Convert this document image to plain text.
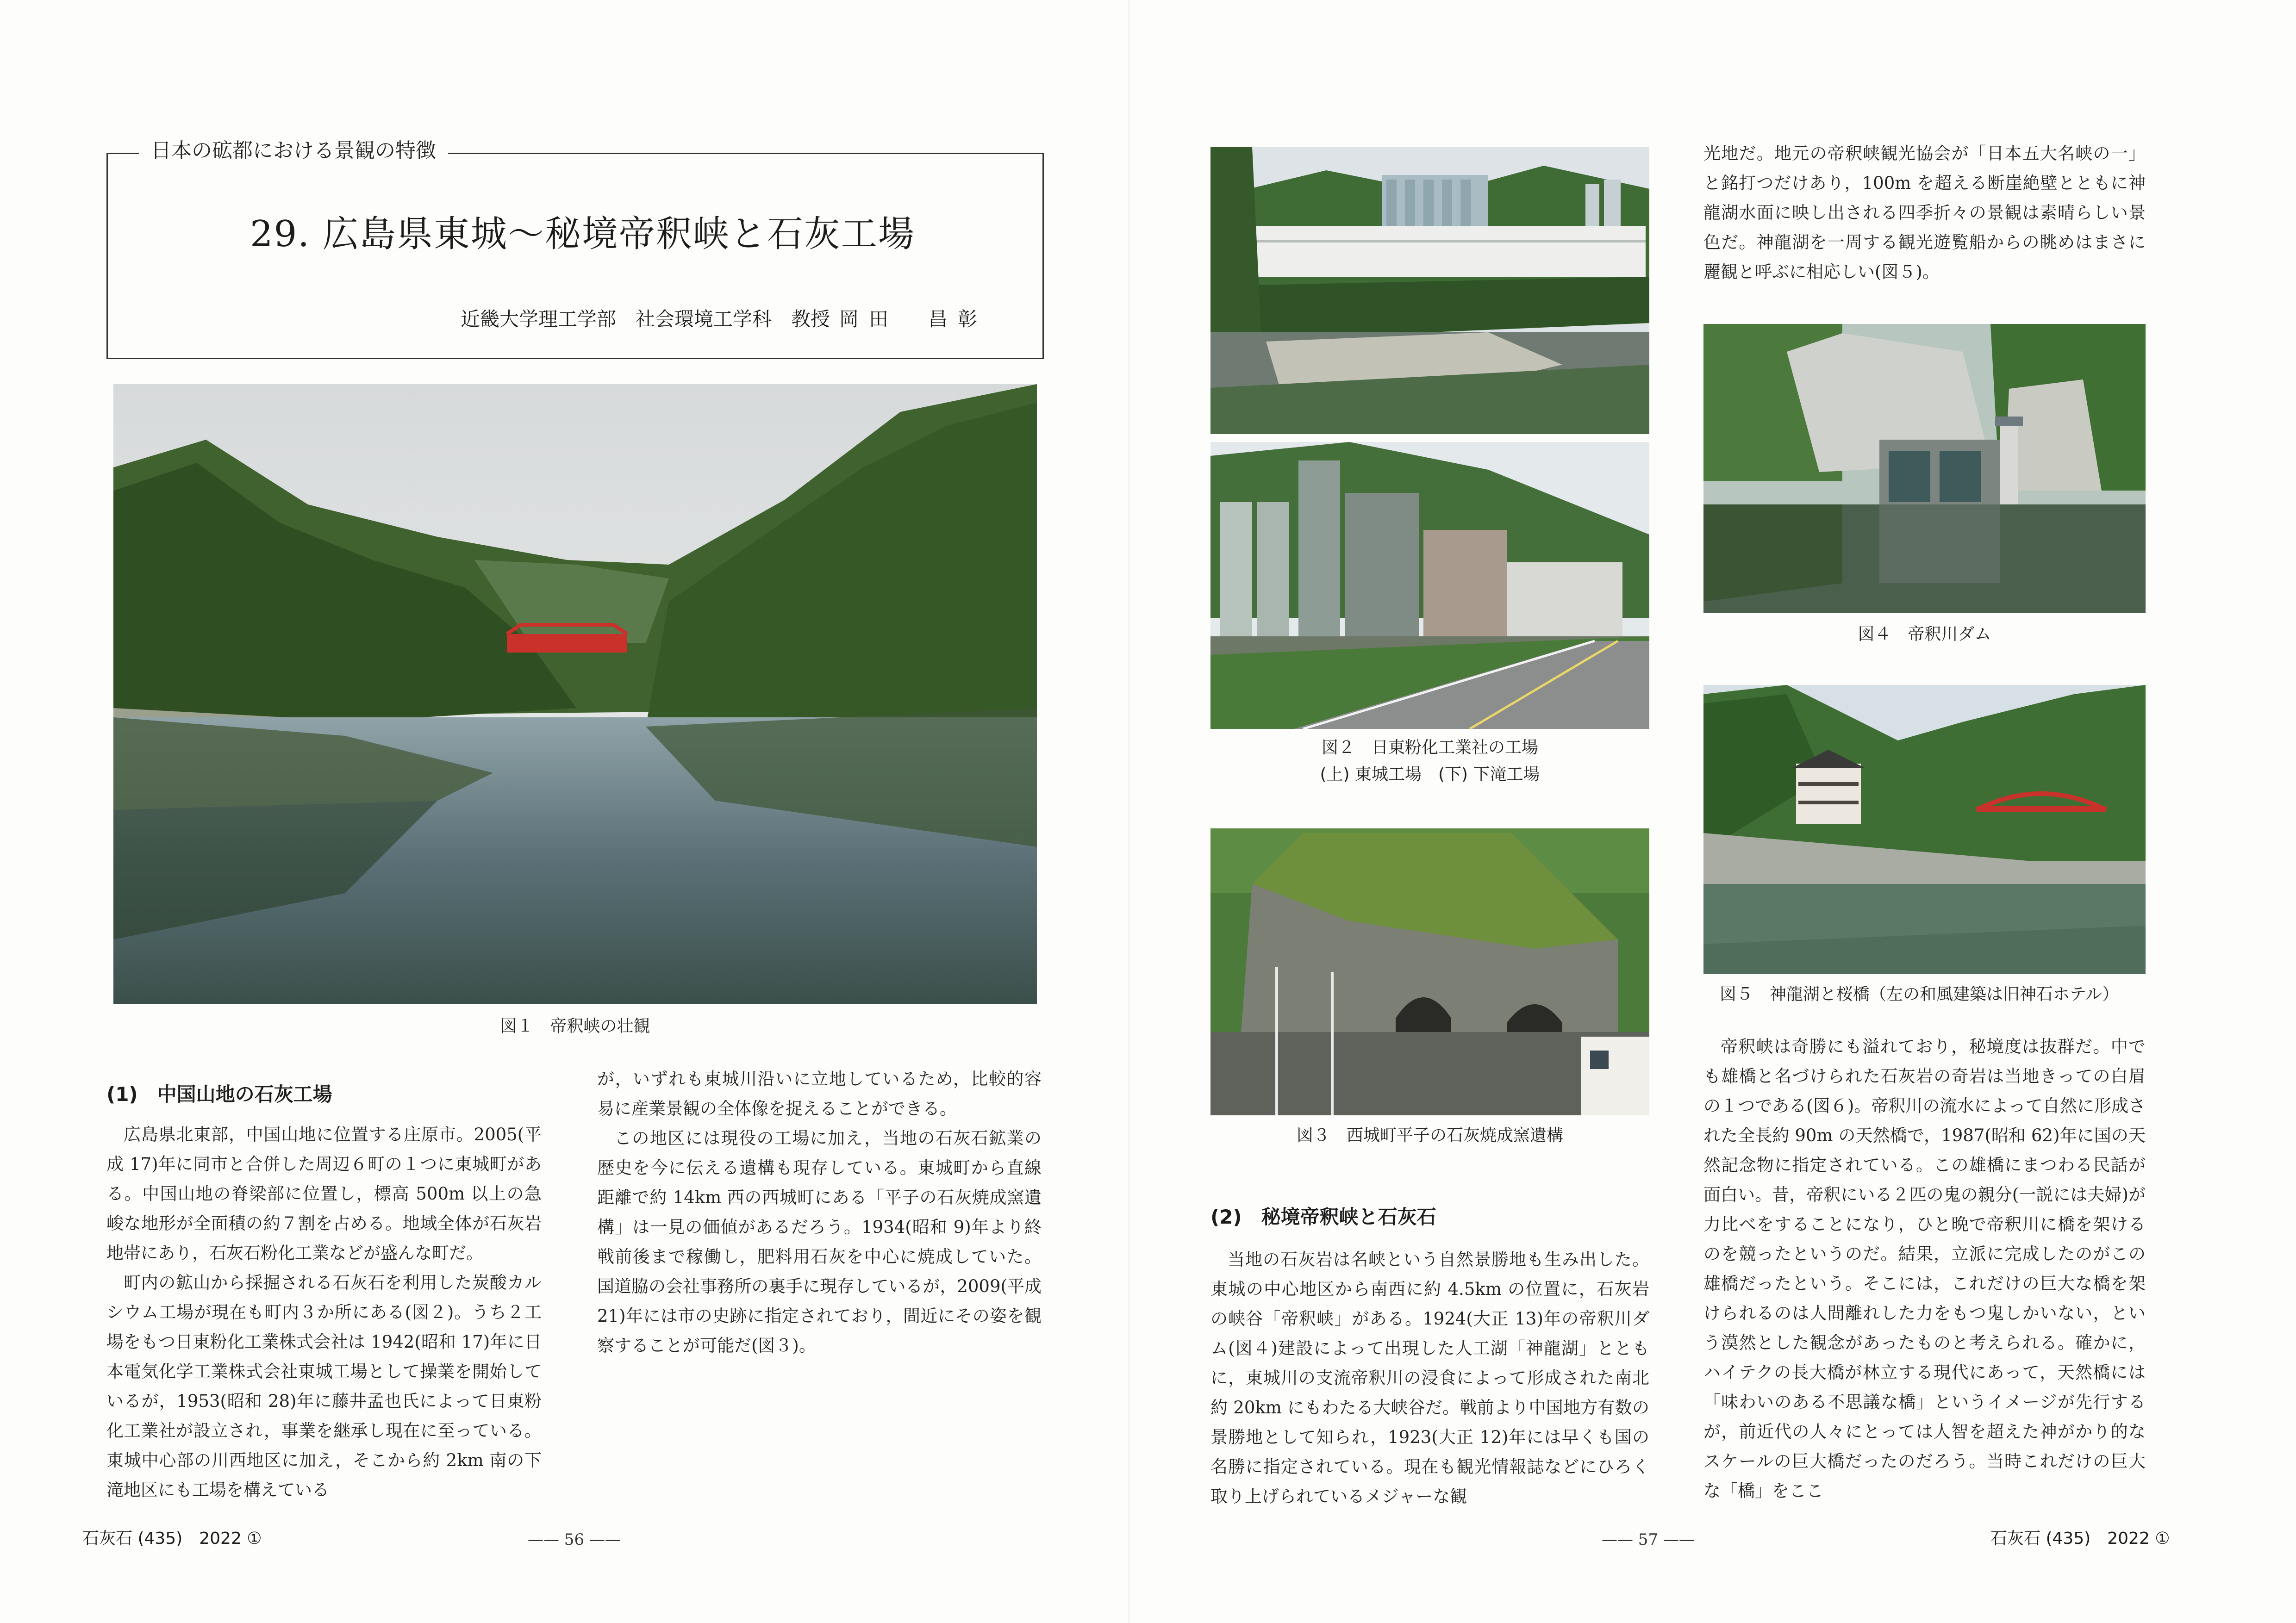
日本の砿都における景観の特徴
29. 広島県東城〜秘境帝釈峡と石灰工場
近畿大学理工学部　社会環境工学科　教授 岡田　昌彰
図１　帝釈峡の壮観
(1)　中国山地の石灰工場

広島県北東部，中国山地に位置する庄原市。2005(平成 17)年に同市と合併した周辺６町の１つに東城町がある。中国山地の脊梁部に位置し，標高 500m 以上の急峻な地形が全面積の約７割を占める。地域全体が石灰岩地帯にあり，石灰石粉化工業などが盛んな町だ。

町内の鉱山から採掘される石灰石を利用した炭酸カルシウム工場が現在も町内３か所にある(図２)。うち２工場をもつ日東粉化工業株式会社は 1942(昭和 17)年に日本電気化学工業株式会社東城工場として操業を開始しているが，1953(昭和 28)年に藤井孟也氏によって日東粉化工業社が設立され，事業を継承し現在に至っている。東城中心部の川西地区に加え，そこから約 2km 南の下滝地区にも工場を構えている

が，いずれも東城川沿いに立地しているため，比較的容易に産業景観の全体像を捉えることができる。

この地区には現役の工場に加え，当地の石灰石鉱業の歴史を今に伝える遺構も現存している。東城町から直線距離で約 14km 西の西城町にある「平子の石灰焼成窯遺構」は一見の価値があるだろう。1934(昭和 9)年より終戦前後まで稼働し，肥料用石灰を中心に焼成していた。国道脇の会社事務所の裏手に現存しているが，2009(平成 21)年には市の史跡に指定されており，間近にその姿を観察することが可能だ(図３)。

石灰石 (435)　2022 ①	—— 56 ——
図２　日東粉化工業社の工場
(上) 東城工場　(下) 下滝工場
図３　西城町平子の石灰焼成窯遺構
図４　帝釈川ダム
図５　神龍湖と桜橋（左の和風建築は旧神石ホテル）
(2)　秘境帝釈峡と石灰石

当地の石灰岩は名峡という自然景勝地も生み出した。東城の中心地区から南西に約 4.5km の位置に，石灰岩の峡谷「帝釈峡」がある。1924(大正 13)年の帝釈川ダム(図４)建設によって出現した人工湖「神龍湖」とともに，東城川の支流帝釈川の浸食によって形成された南北約 20km にもわたる大峡谷だ。戦前より中国地方有数の景勝地として知られ，1923(大正 12)年には早くも国の名勝に指定されている。現在も観光情報誌などにひろく取り上げられているメジャーな観

光地だ。地元の帝釈峡観光協会が「日本五大名峡の一」と銘打つだけあり，100m を超える断崖絶壁とともに神龍湖水面に映し出される四季折々の景観は素晴らしい景色だ。神龍湖を一周する観光遊覧船からの眺めはまさに麗観と呼ぶに相応しい(図５)。

帝釈峡は奇勝にも溢れており，秘境度は抜群だ。中でも雄橋と名づけられた石灰岩の奇岩は当地きっての白眉の１つである(図６)。帝釈川の流水によって自然に形成された全長約 90m の天然橋で，1987(昭和 62)年に国の天然記念物に指定されている。この雄橋にまつわる民話が面白い。昔，帝釈にいる２匹の鬼の親分(一説には夫婦)が力比べをすることになり，ひと晩で帝釈川に橋を架けるのを競ったというのだ。結果，立派に完成したのがこの雄橋だったという。そこには，これだけの巨大な橋を架けられるのは人間離れした力をもつ鬼しかいない，という漠然とした観念があったものと考えられる。確かに，ハイテクの長大橋が林立する現代にあって，天然橋には「味わいのある不思議な橋」というイメージが先行するが，前近代の人々にとっては人智を超えた神がかり的なスケールの巨大橋だったのだろう。当時これだけの巨大な「橋」をここ

—— 57 ——	石灰石 (435)　2022 ①
